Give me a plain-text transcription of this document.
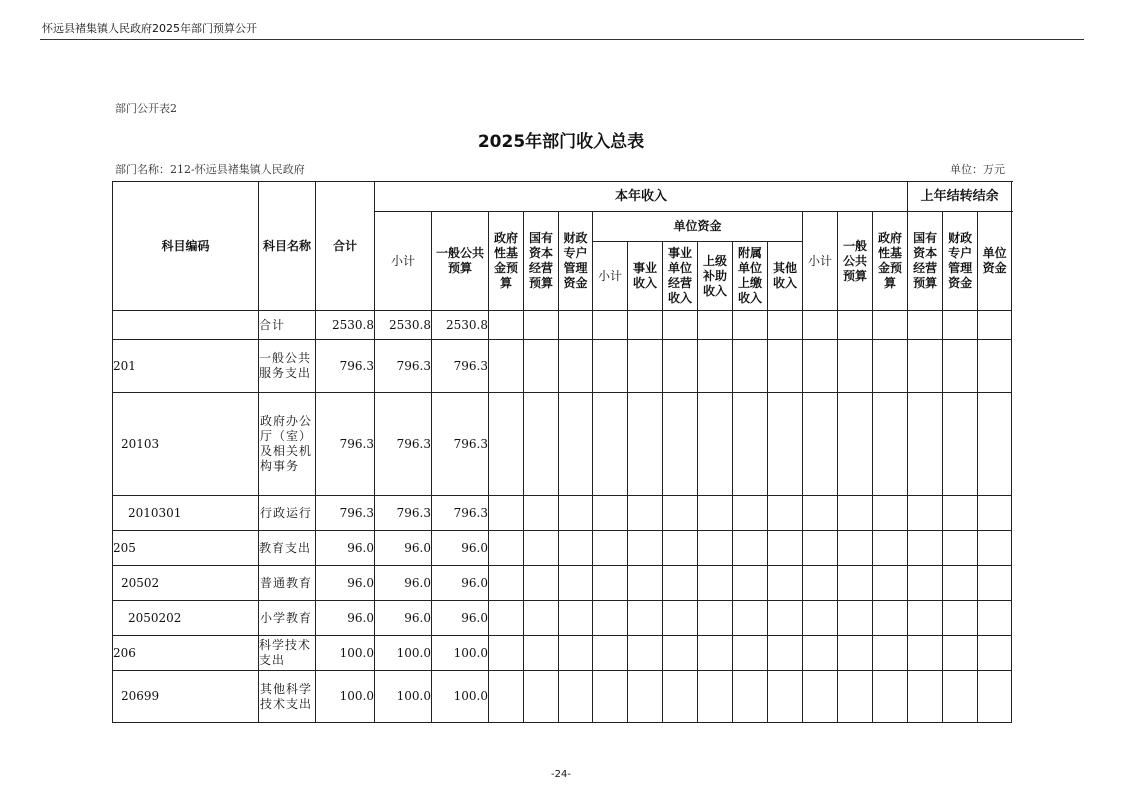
怀远县褚集镇人民政府2025年部门预算公开
部门公开表2
2025年部门收入总表
部门名称：212-怀远县褚集镇人民政府	单位：万元
科目编码	科目名称	合计	本年收入														上年结转结余		

			小计	一般公共预算	政府性基金预算	国有资本经营预算	财政专户管理资金	单位资金						小计	一般公共预算	政府性基金预算	国有资本经营预算	财政专户管理资金	单位资金

								小计	事业收入	事业单位经营收入	上级补助收入	附属单位上缴收入	其他收入						

	合计	2530.8	2530.8	2530.8															
201	一般公共服务支出	796.3	796.3	796.3															
20103	政府办公厅（室）及相关机构事务	796.3	796.3	796.3															
2010301	行政运行	796.3	796.3	796.3															
205	教育支出	96.0	96.0	96.0															
20502	普通教育	96.0	96.0	96.0															
2050202	小学教育	96.0	96.0	96.0															
206	科学技术支出	100.0	100.0	100.0															
20699	其他科学技术支出	100.0	100.0	100.0															
-24-
